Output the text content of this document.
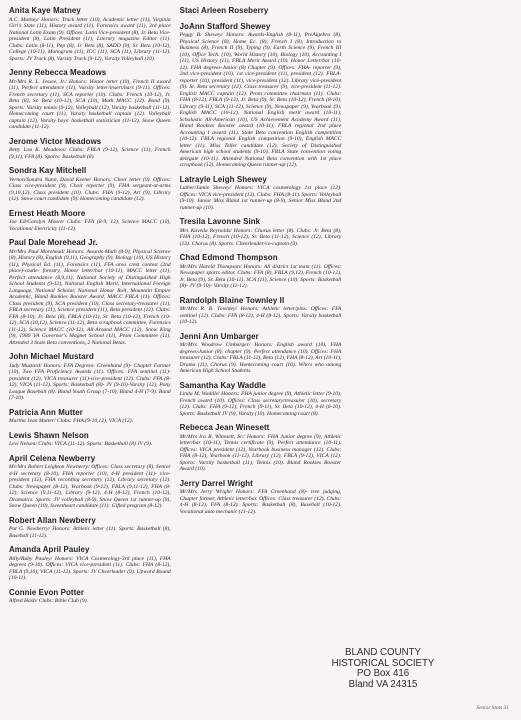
Anita Kaye Matney

A.C. Matney/ Honors: Track letter (10), Academic letter (11), Virginia Girl's State (11), History award (11), Forensics award (11), 3rd place National Latin Exam (9). Offices: Latin Vice-president (8), Jr. Beta Vice-president (8), Latin President (11), Literary magazine Editor (11). Clubs: Latin (8-11), Pep (8), Jr. Beta (8), SADD (9), Sr. Beta (10-12), College (10-11), Monogram (11), ICC (11), SCA (11), Library (11-12). Sports: JV Track (8), Varsity Track (9-12), Varsity Volleyball (10).

Jenny Rebecca Meadows

Mr/Mrs R. L. Jessee, Jr./ Honors: Honor letter (10), French II award (11), Perfect attendance (11), Varsity letter/insert/bars (9-11). Offices: French secretary (11), SCA reporter (10). Clubs: French (10-12), Jr. Beta (8), Sr. Beta (10-12), SCA (10), Math MACC (12). Band (9). Sports: Varsity tennis (9-12), Volleyball (12), Varsity basketball (11-12). Homecoming court (11), Varsity basketball captain (12). Volleyball captain (12), Varsity boys' basketball statistician (11-12). Snow Queen candidate (11-12).

Jerome Victor Meadows

Betty Lou K. Meadows/ Clubs: FBLA (9-12), Science (11), French (9,11), FFA (8). Sports: Basketball (8).

Sondra Kay Mitchell

Vernon/Sondra Nunn, David Keene/ Honors: Choir letter (9). Offices: Class vice-president (9), Choir reporter (9), FHA sergeant-at-arms (9,10,12), Class president (10). Clubs: FHA (9-12), Art (9), Library (12). Snow court candidate (9). Homecoming candidate (12).

Ernest Heath Moore

Joe Ed/Carolyn Moore/ Clubs: FFA (8-9, 12), Science MACC (10), Vocational Electricity (11-12).

Paul Dale Morehead Jr.

Mr/Mrs Paul Morehead/ Honors: Awards-Math (8-9), Physical Science (8), History (8), English (9,11), Geography (9), Biology (10), US History (11), Physical Ed. (11), Forensics (11), FFA area crest contest (2nd place)-castle- forestry, Honor letter/bar (10-11), MACC letter (11), Perfect attendance (8,9,11), National Society of Distinguished High School Students (9-12), National English Merit, International Foreign Language, National Scholar, National Honor Roll, Mountain Empire Academic, Bland Rookies Booster Award, MACC FBLA (11). Offices: Class president (9), SCA president (10), Class secretary-treasurer (11), FBLA secretary (11), Science president (11), Beta president (12). Clubs: FFA (8-10), Jr. Beta (8), FBLA (10-11), Sr. Beta (10-12), French (10-12), SCA (10,12), Science (11-12), Beta scrapbook committee, Forensics (11-12), Science MACC (10-12), All-Around MACC (12), Snow King (9), 1989 VA Governor's Magnet School (11), Prom Committee (11), Attended 3 State Beta conventions, 2 National Betas.

John Michael Mustard

Judy Mustard/ Honors: FFA Degrees- Greenhand (9)- Chapter Farmer (10), Two FFA Proficiency Awards (11). Offices: FFA sentinel (11)-president (12), VICA treasurer (11)-vice-president (12). Clubs: FFA (8-12), VICA (11-12). Sports: Basketball (8)- JV (9-10)-Varsity (12), Pony League Baseball (8). Bland Youth Group (7-10), Bland 4-H (7-9). Band (7-10).

Patricia Ann Mutter

Martha Jean Mutter/ Clubs: FHA (9-10,12), VICA (12).

Lewis Shawn Nelson

Levi Nelson/ Clubs: VICA (11-12). Sports: Basketball (8) JV (9).

April Celena Newberry

Mr/Mrs Robert Leighton Newberry/ Offices: Class secretary (8), Senior 4-H secretary (8-10), FHA reporter (10), 4-H president (11)- vice-president (12), FHA recording secretary (12), Library secretary (12). Clubs: Newspaper (8-12), Yearbook (9-12), FBLA (9,11-12), FHA (8-12), Science (9,11-12), Library (9-12), 4-H (8-12), French (10-12), Dramatics. Sports: JV volleyball (8-9). Snow Queen 1st runner-up (9), Snow Queen (10), Sweetheart candidate (11): Gifted program (8-12).

Robert Allan Newberry

Pat G. Newberry/ Honors: Athletic letter (11). Sports: Basketball (8), Baseball (11-12).

Amanda April Pauley

Billy/Ruby Pauley/ Honors: VICA Cosmetology-3rd place (11), FHA degrees (9-10). Offices: VICA vice-president (11). Clubs: FHA (8-12), FBLA (9,10), VICA (11-12). Sports: JV Cheerleader (9). Upward Bound (10-11).

Connie Evon Potter

Alfred Hash/ Clubs: Bible Club (9).

Staci Arleen Roseberry

JoAnn Stafford Shewey

Peggy B. Shewey/ Honors: Awards-English (8-11), PreAlgebra (8), Physical Science (8), Home Ec. (8), French I (8), Introduction to Business (8), French II (9), Typing (9), Earth Science (9), French III (10), Office Tech. (10), World History (10), Biology (10), Accounting I (11), US History (11), FBLA Merit Award (10). Honor Letter/bar (10-12). FHA degrees-Junior (8) Chapter (9). Offices: FHA- reporter (9), 2nd vice-president (10), 1st vice-president (11), president (12). FBLA- reporter (10), president (11), vice-president (12). Library vice-president (9). Sr. Beta secretary (12). Class treasurer (9), vice-president (11-12). English MACC captain (12). Prom committee chairman (11). Clubs: FHA (8-12), FBLA (9-12), Jr. Beta (9), Sr. Beta (10-12), French (8-10), Library (9-11), SCA (11-12), Science (9), Newspaper (9), Yearbook (9), English MACC (10-12). National English merit award (10-11), Scholastic All-American (10), US Achievement Academy Award (11), Bland Rookies Booster award (10-11), FBLA regional 2nd place Accounting I award (11). State Beta convention English competition (10-12). FBLA regional English competition (9-10), English MACC letter (11). Miss Teller candidate (12), Society of Distinguished American high school students (9-10). FBLA State convention voting delegate (10-11). Attended National Beta convention with 1st place scrapbook (12), Homecoming Queen runner-up (12).

Latrayle Leigh Shewey

Luther/Jamie Shewey/ Honors: VICA cosmetology 1st place (12). Offices: VICA vice-president (12). Clubs: FHA (8-11). Sports: Volleyball (9-10). Junior Miss Bland 1st runner-up (8-9), Senior Miss Bland 2nd runner-up (10).

Tresila Lavonne Sink

Mrs Kaveda Reynolds/ Honors: Chorus letter (8). Clubs: Jr. Beta (8), FHA (10-12), French (10-12), Sr. Beta (11-12), Science (12), Library (12). Chorus (8). Sports: Cheerleader/co-captain (9).

Chad Edmond Thompson

Mr/Mrs Harold Thompson/ Honors: All district 1st team (11). Offices: Newspaper sports editor. Clubs: FFA (8), FBLA (9,12), French (10-12), Jr. Beta (9), Sr. Beta (10-11), SCA (11), Science (10). Sports: Basketball (8)- JV (9-10)- Varsity (11-12).

Randolph Blaine Townley II

Mr/Mrs R. B. Townley/ Honors: Athletic letter/pins. Offices: FFA sentinel (12). Clubs: FFA (8-12), 4-H (8-12). Sports: Varsity basketball (10-12).

Jenni Ann Umbarger

Mr/Mrs Woodrow Umbarger/ Honors: English award (10), FHA degrees-Junior (8), chapter (9). Perfect attendance (10). Offices: FHA treasurer (12). Clubs: FBLA (11-12), Beta (12), FHA (8-12), Art (10-11), Drama (11), Chorus (9). Homecoming court (10). Who's who among American High School Students.

Samantha Kay Waddle

Linda M. Waddle/ Honors: FHA junior degree (9), Athletic letter (9-10), French award (10). Offices: Class secretary/treasurer (10), secretary (12). Clubs: FHA (9-12), French (9-11), Sr. Beta (10-12), 4-H (6-10). Sports: Basketball JV (9), Varsity (10). Homecoming court (8).

Rebecca Jean Winesett

Mr/Mrs Ira R. Winesett, Sr./ Honors: FHA Junior degree (9), Athletic letter/bar (10-11), Tennis certificate (9), Perfect attendance (10-11). Offices: VICA president (12), Yearbook business manager (12). Clubs: FHA (8-12), Yearbook (11-12), Library (12), FBLA (9-12), VICA (12). Sports: Varsity basketball (11), Tennis (10). Bland Rookies Booster Award (10).

Jerry Darrel Wright

Mr/Mrs Jerry Wright/ Honors: FFA Greenhand (8)- tree judging, Chapter farmer, Athletic letter/bar. Offices: Class treasurer (12). Clubs: 4-H (8-12), FFA (8-12). Sports: Basketball (8), Baseball (10-12). Vocational auto mechanic (11-12).

BLAND COUNTY
HISTORICAL SOCIETY
PO Box 416
Bland VA 24315
Senior Stats 31
